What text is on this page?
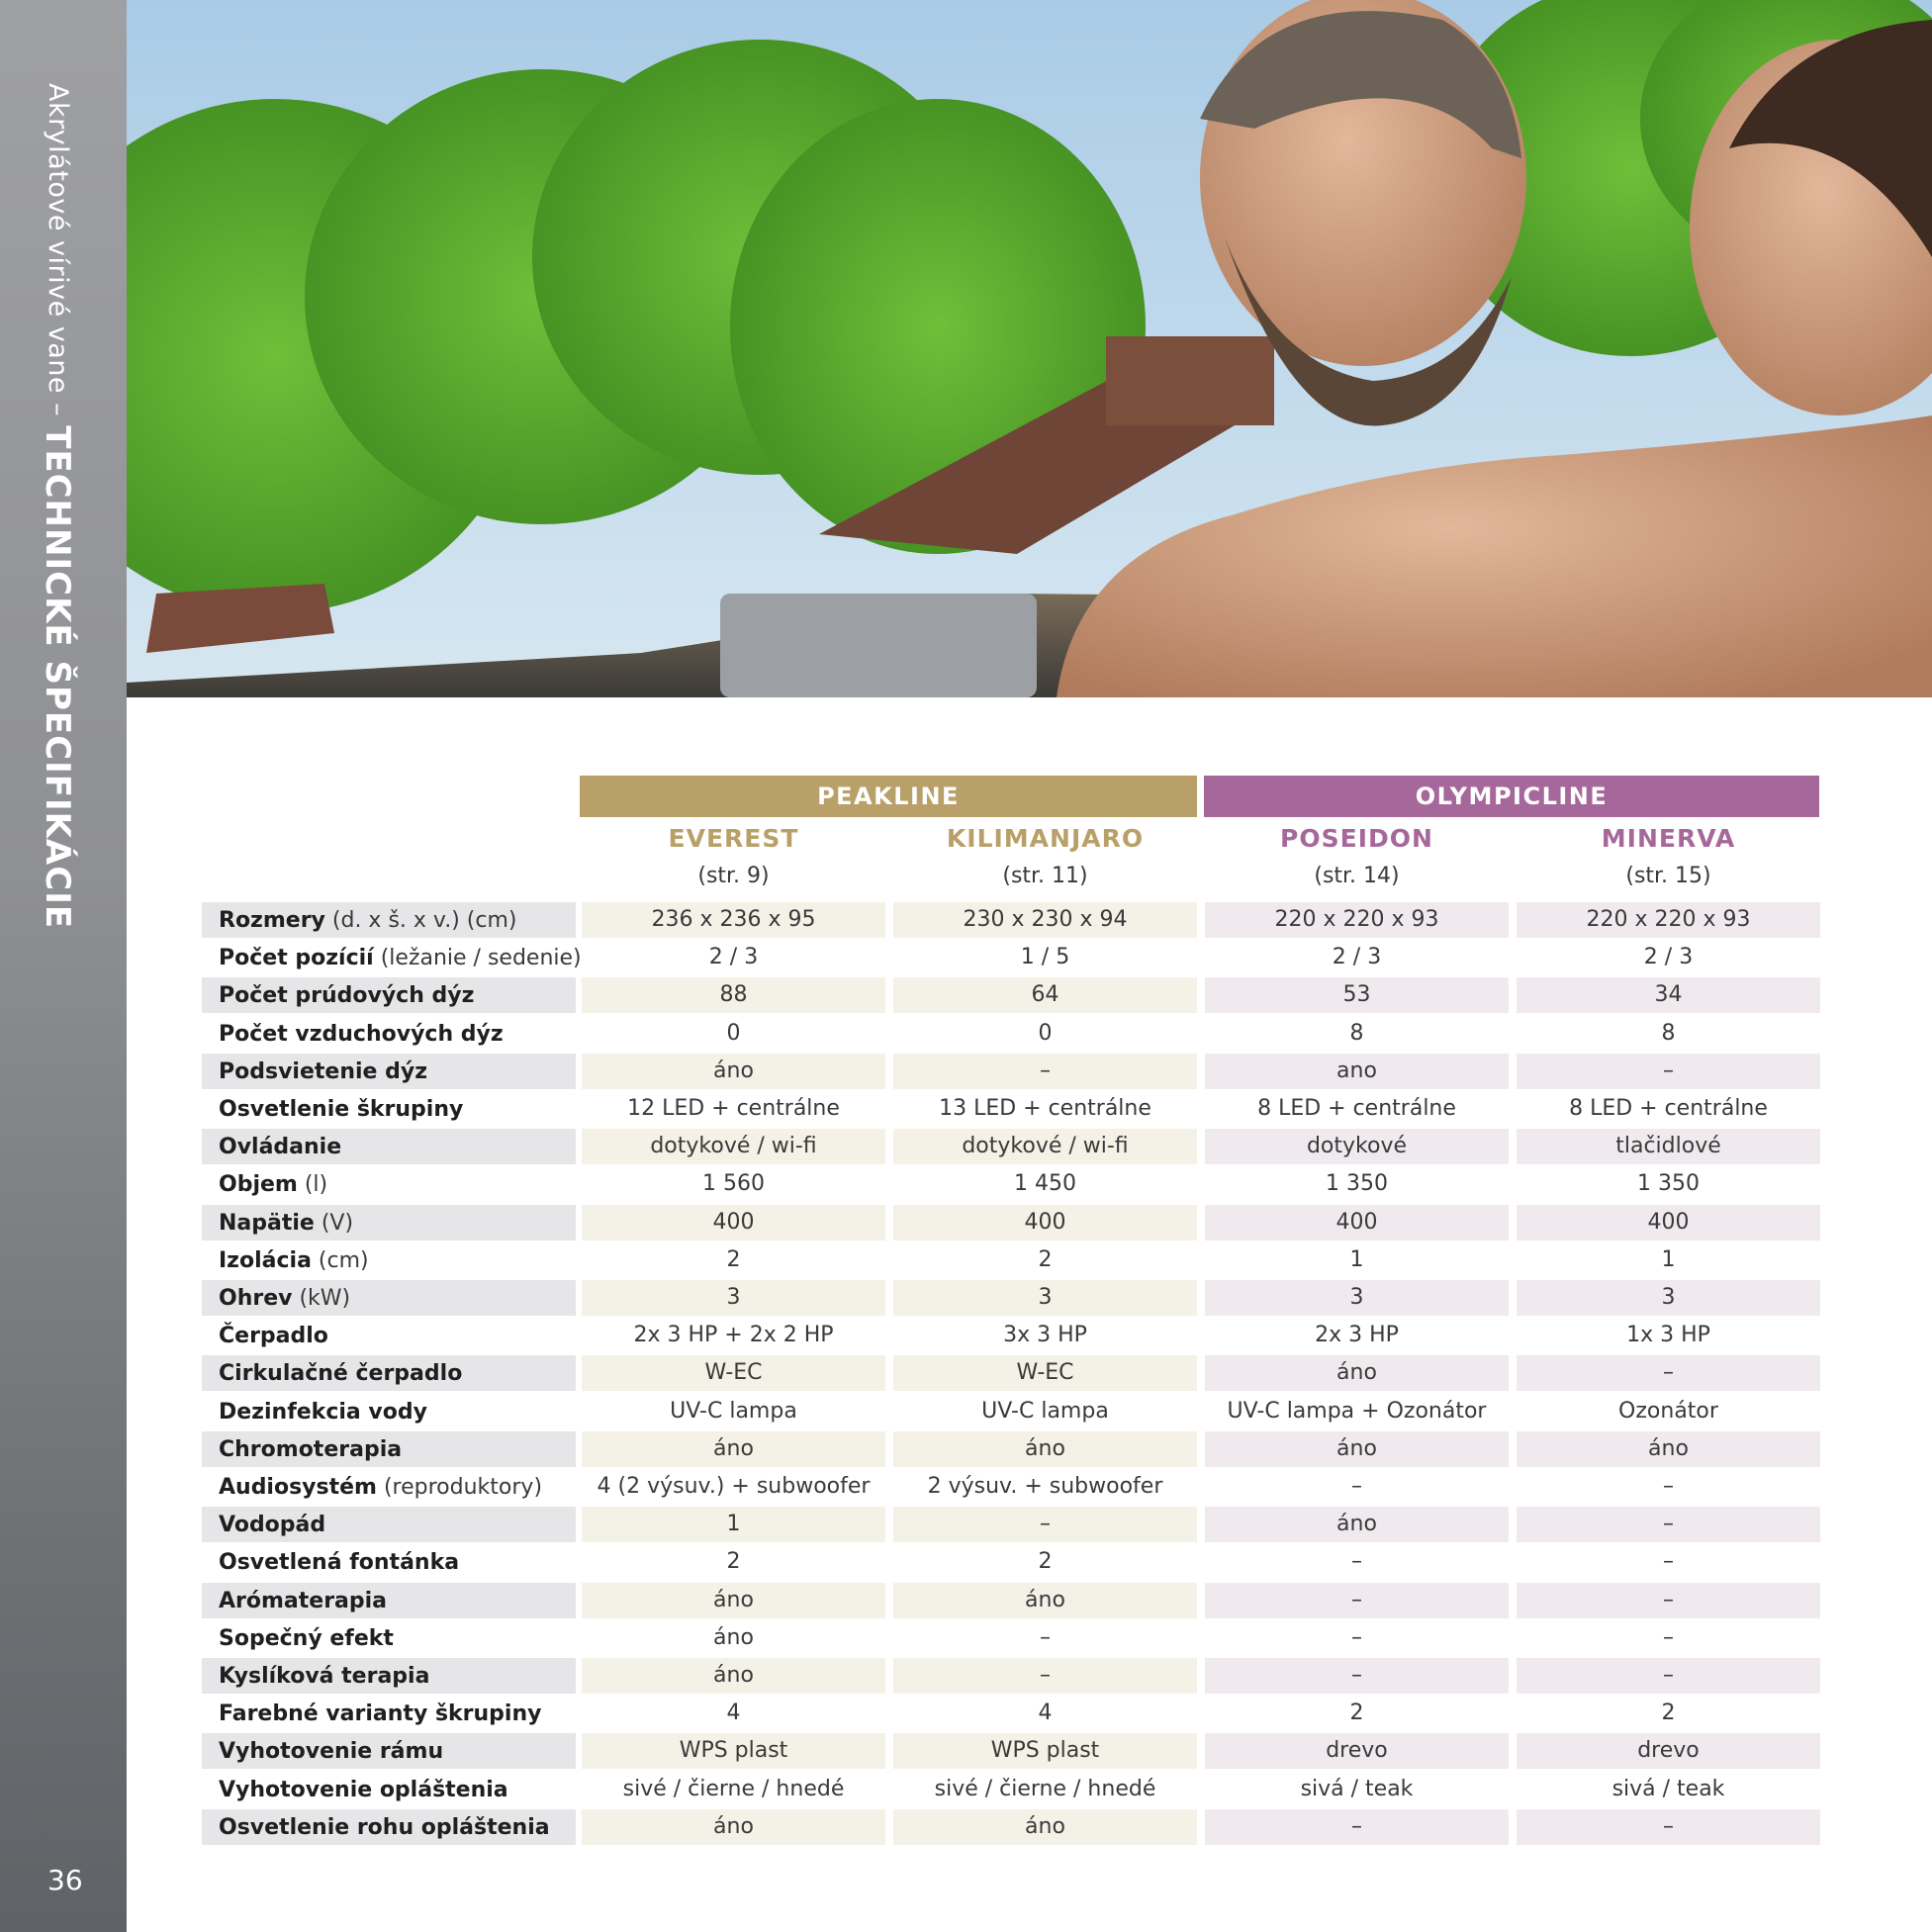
Akrylátové vírivé vane – TECHNICKÉ ŠPECIFIKÁCIE
36
PEAKLINE	OLYMPICLINE
EVEREST	KILIMANJARO	POSEIDON	MINERVA
(str. 9)	(str. 11)	(str. 14)	(str. 15)
Rozmery (d. x š. x v.) (cm)	236 x 236 x 95	230 x 230 x 94	220 x 220 x 93	220 x 220 x 93
Počet pozícií (ležanie / sedenie)	2 / 3	1 / 5	2 / 3	2 / 3
Počet prúdových dýz	88	64	53	34
Počet vzduchových dýz	0	0	8	8
Podsvietenie dýz	áno	–	ano	–
Osvetlenie škrupiny	12 LED + centrálne	13 LED + centrálne	8 LED + centrálne	8 LED + centrálne
Ovládanie	dotykové / wi-fi	dotykové / wi-fi	dotykové	tlačidlové
Objem (l)	1 560	1 450	1 350	1 350
Napätie (V)	400	400	400	400
Izolácia (cm)	2	2	1	1
Ohrev (kW)	3	3	3	3
Čerpadlo	2x 3 HP + 2x 2 HP	3x 3 HP	2x 3 HP	1x 3 HP
Cirkulačné čerpadlo	W-EC	W-EC	áno	–
Dezinfekcia vody	UV-C lampa	UV-C lampa	UV-C lampa + Ozonátor	Ozonátor
Chromoterapia	áno	áno	áno	áno
Audiosystém (reproduktory)	4 (2 výsuv.) + subwoofer	2 výsuv. + subwoofer	–	–
Vodopád	1	–	áno	–
Osvetlená fontánka	2	2	–	–
Arómaterapia	áno	áno	–	–
Sopečný efekt	áno	–	–	–
Kyslíková terapia	áno	–	–	–
Farebné varianty škrupiny	4	4	2	2
Vyhotovenie rámu	WPS plast	WPS plast	drevo	drevo
Vyhotovenie opláštenia	sivé / čierne / hnedé	sivé / čierne / hnedé	sivá / teak	sivá / teak
Osvetlenie rohu opláštenia	áno	áno	–	–
